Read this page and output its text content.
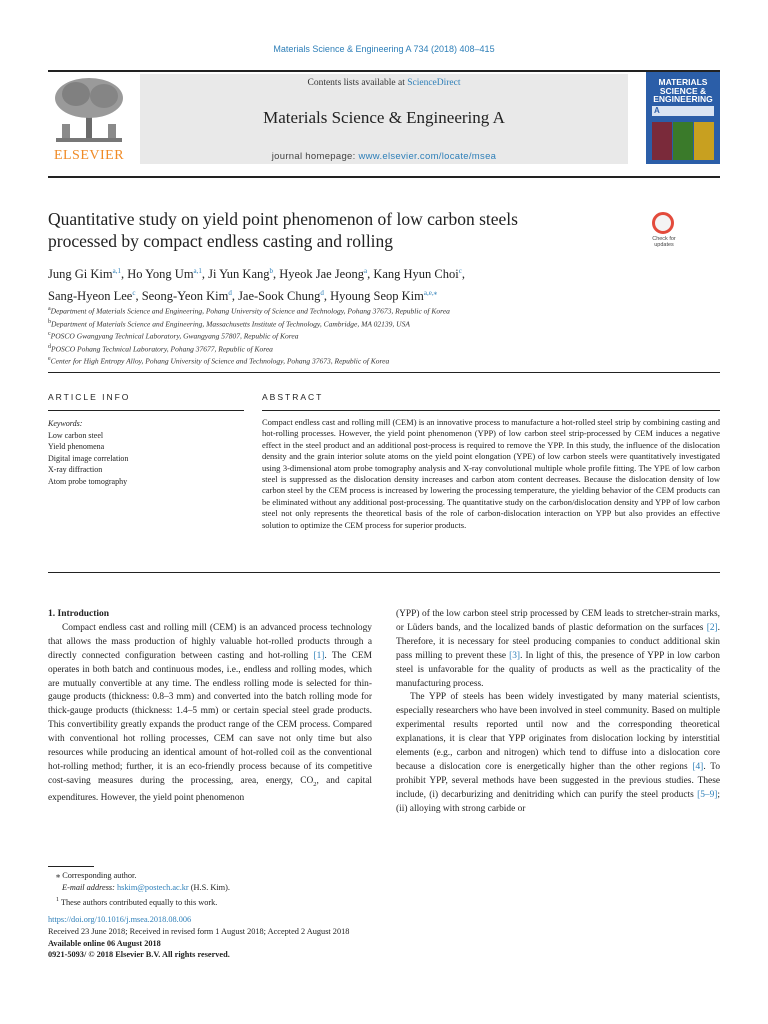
Materials Science & Engineering A 734 (2018) 408–415
ELSEVIER
Contents lists available at ScienceDirect
Materials Science & Engineering A
journal homepage: www.elsevier.com/locate/msea
MATERIALS
SCIENCE &
ENGINEERING
A
Quantitative study on yield point phenomenon of low carbon steels
processed by compact endless casting and rolling	Check for
updates
Jung Gi Kim$^{a,1}$, Ho Yong Um$^{a,1}$, Ji Yun Kang$^b$, Hyeok Jae Jeong$^a$, Kang Hyun Choi$^c$,
Sang-Hyeon Lee$^c$, Seong-Yeon Kim$^d$, Jae-Sook Chung$^d$, Hyoung Seop Kim$^{a,e,⁎}$
$^a$Department of Materials Science and Engineering, Pohang University of Science and Technology, Pohang 37673, Republic of Korea
$^b$Department of Materials Science and Engineering, Massachusetts Institute of Technology, Cambridge, MA 02139, USA
$^c$POSCO Gwangyang Technical Laboratory, Gwangyang 57807, Republic of Korea
$^d$POSCO Pohang Technical Laboratory, Pohang 37677, Republic of Korea
$^e$Center for High Entropy Alloy, Pohang University of Science and Technology, Pohang 37673, Republic of Korea
ARTICLE INFO	ABSTRACT
Keywords:
Low carbon steel
Yield phenomena
Digital image correlation
X-ray diffraction
Atom probe tomography
Compact endless cast and rolling mill (CEM) is an innovative process to manufacture a hot-rolled steel strip by combining casting and hot-rolling processes. However, the yield point phenomenon (YPP) of low carbon steel strip-processed by CEM induces a negative effect in the steel product and an additional post-process is required to remove the YPP. In this study, the influence of the dislocation density and the grain interior solute atoms on the yield point elongation (YPE) of low carbon steels were quantitatively investigated using 3-dimensional atom probe tomography analysis and X-ray convolutional multiple whole profile fitting. The YPE of low carbon steel is suppressed as the dislocation density increases and carbon atom content decreases. Because the dislocation density of low carbon steel by the CEM process is increased by lowering the processing temperature, the yielding behavior of the CEM products can be eliminated without any additional post-processing. The quantitative study on the carbon/dislocation density and YPP of low carbon steel not only represents the theoretical basis of the role of carbon-dislocation interaction on YPP but also provides an effective solution to optimize the CEM process for superior products.

1. Introduction

Compact endless cast and rolling mill (CEM) is an advanced process technology that allows the mass production of highly valuable hot-rolled products through a directly connected configuration between casting and hot-rolling [1]. The CEM operates in both batch and continuous modes, i.e., endless and rolling modes, which are mutually convertible at any time. The endless rolling mode is selected for thin-gauge products (thickness: 0.8–3 mm) and converted into the batch rolling mode for thick-gauge products (thickness: 1.4–5 mm) or certain special steel grade products. This convertibility greatly expands the product range of the CEM process. Compared with conventional hot rolling processes, CEM can save not only time but also resources while producing an identical amount of hot-rolled coil as the conventional hot-rolling method; further, it is an eco-friendly process because of its competitive cost-saving measures during the processing, area, energy, $CO_2$, and capital expenditures. However, the yield point phenomenon

(YPP) of the low carbon steel strip processed by CEM leads to stretcher-strain marks, or Lüders bands, and the localized bands of plastic deformation on the surfaces [2]. Therefore, it is necessary for steel producing companies to conduct additional skin pass milling to prevent these [3]. In light of this, the presence of YPP in low carbon steel is unfavorable for the quality of products as well as the practicality of the manufacturing process.

The YPP of steels has been widely investigated by many material scientists, especially researchers who have been involved in steel community. Based on multiple experimental results reported until now and the corresponding theoretical explanations, it is clear that YPP originates from dislocation locking by interstitial elements (e.g., carbon and nitrogen) which tend to diffuse into a dislocation core because a dislocation core is energetically higher than the other regions [4]. To prohibit YPP, several methods have been suggested in the previous studies. These include, (i) decarburizing and denitriding which can purify the steel products [5–9]; (ii) alloying with strong carbide or

⁎ Corresponding author.
E-mail address: hskim@postech.ac.kr (H.S. Kim).
$^1$ These authors contributed equally to this work.
https://doi.org/10.1016/j.msea.2018.08.006
Received 23 June 2018; Received in revised form 1 August 2018; Accepted 2 August 2018
Available online 06 August 2018
0921-5093/ © 2018 Elsevier B.V. All rights reserved.
